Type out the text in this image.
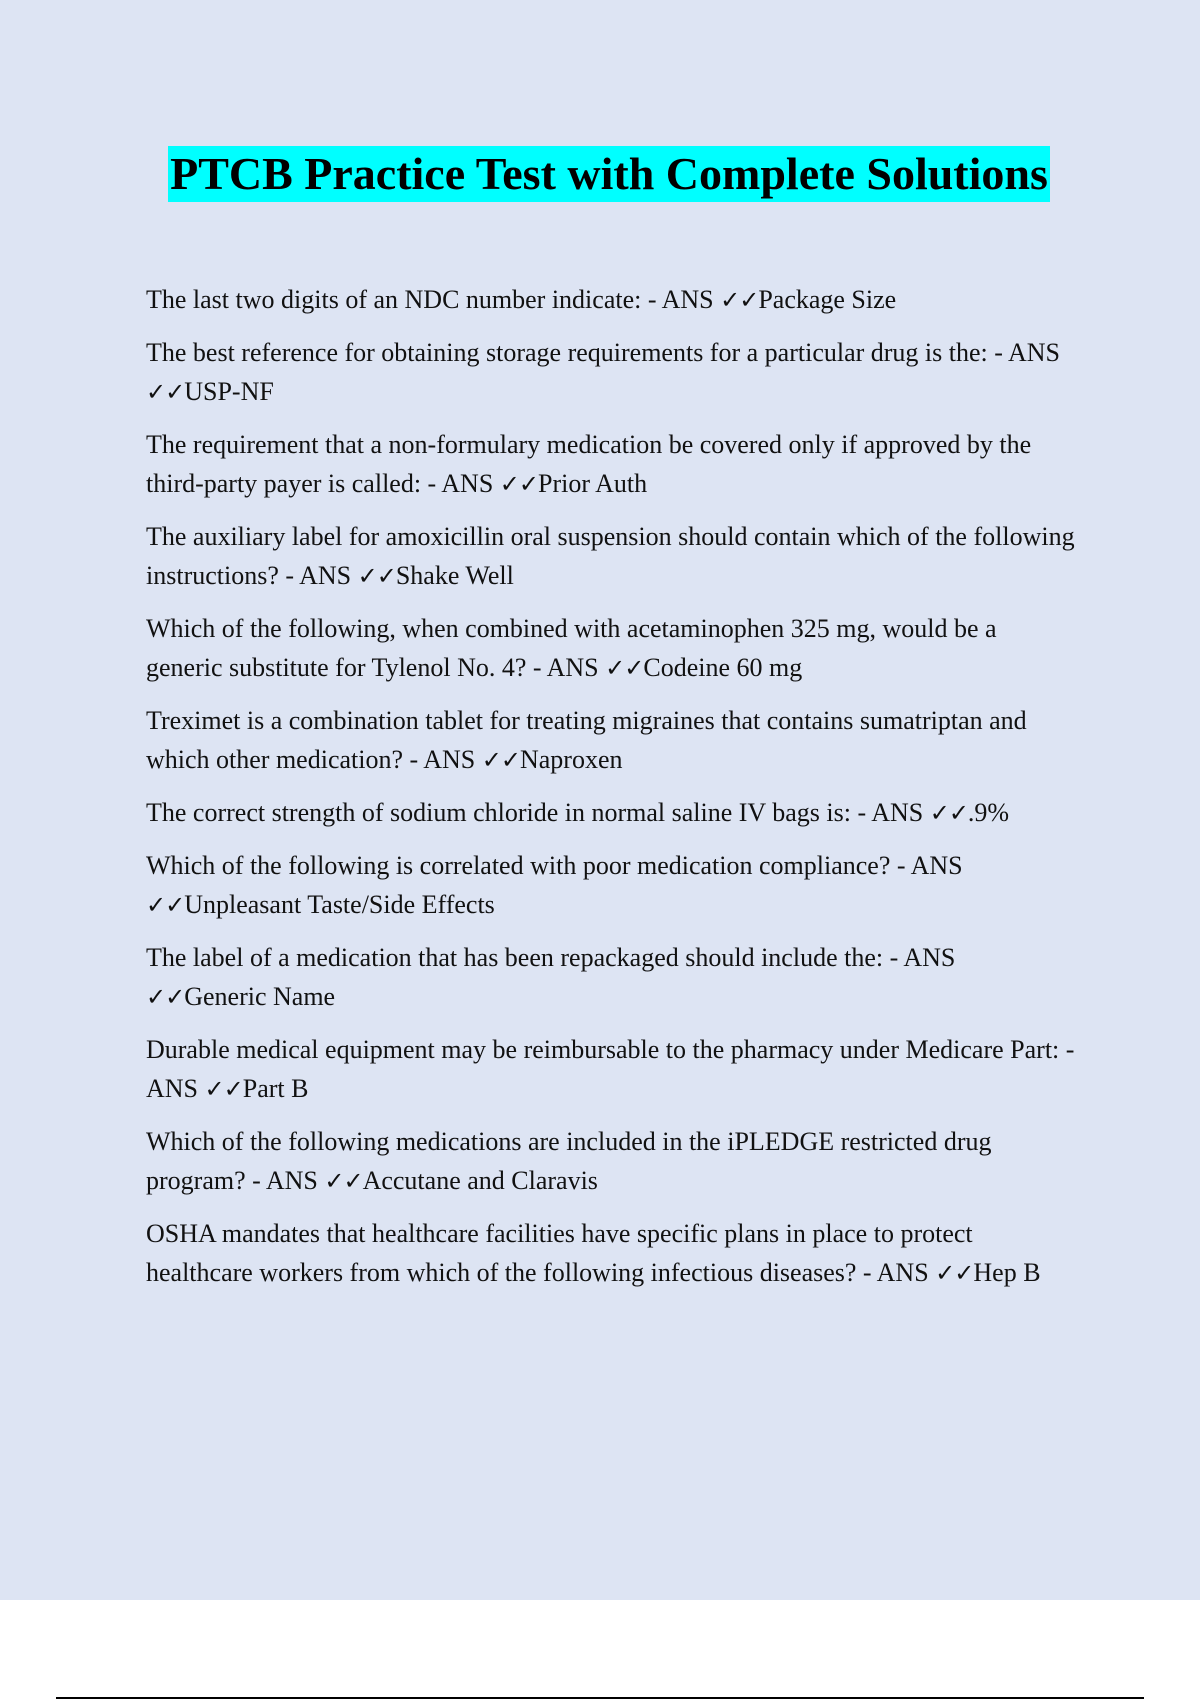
PTCB Practice Test with Complete Solutions
The last two digits of an NDC number indicate: - ANS ✓✓Package Size
The best reference for obtaining storage requirements for a particular drug is the: - ANS ✓✓USP-NF
The requirement that a non-formulary medication be covered only if approved by the third-party payer is called: - ANS ✓✓Prior Auth
The auxiliary label for amoxicillin oral suspension should contain which of the following instructions? - ANS ✓✓Shake Well
Which of the following, when combined with acetaminophen 325 mg, would be a generic substitute for Tylenol No. 4? - ANS ✓✓Codeine 60 mg
Treximet is a combination tablet for treating migraines that contains sumatriptan and which other medication? - ANS ✓✓Naproxen
The correct strength of sodium chloride in normal saline IV bags is: - ANS ✓✓.9%
Which of the following is correlated with poor medication compliance? - ANS ✓✓Unpleasant Taste/Side Effects
The label of a medication that has been repackaged should include the: - ANS ✓✓Generic Name
Durable medical equipment may be reimbursable to the pharmacy under Medicare Part: - ANS ✓✓Part B
Which of the following medications are included in the iPLEDGE restricted drug program? - ANS ✓✓Accutane and Claravis
OSHA mandates that healthcare facilities have specific plans in place to protect healthcare workers from which of the following infectious diseases? - ANS ✓✓Hep B
